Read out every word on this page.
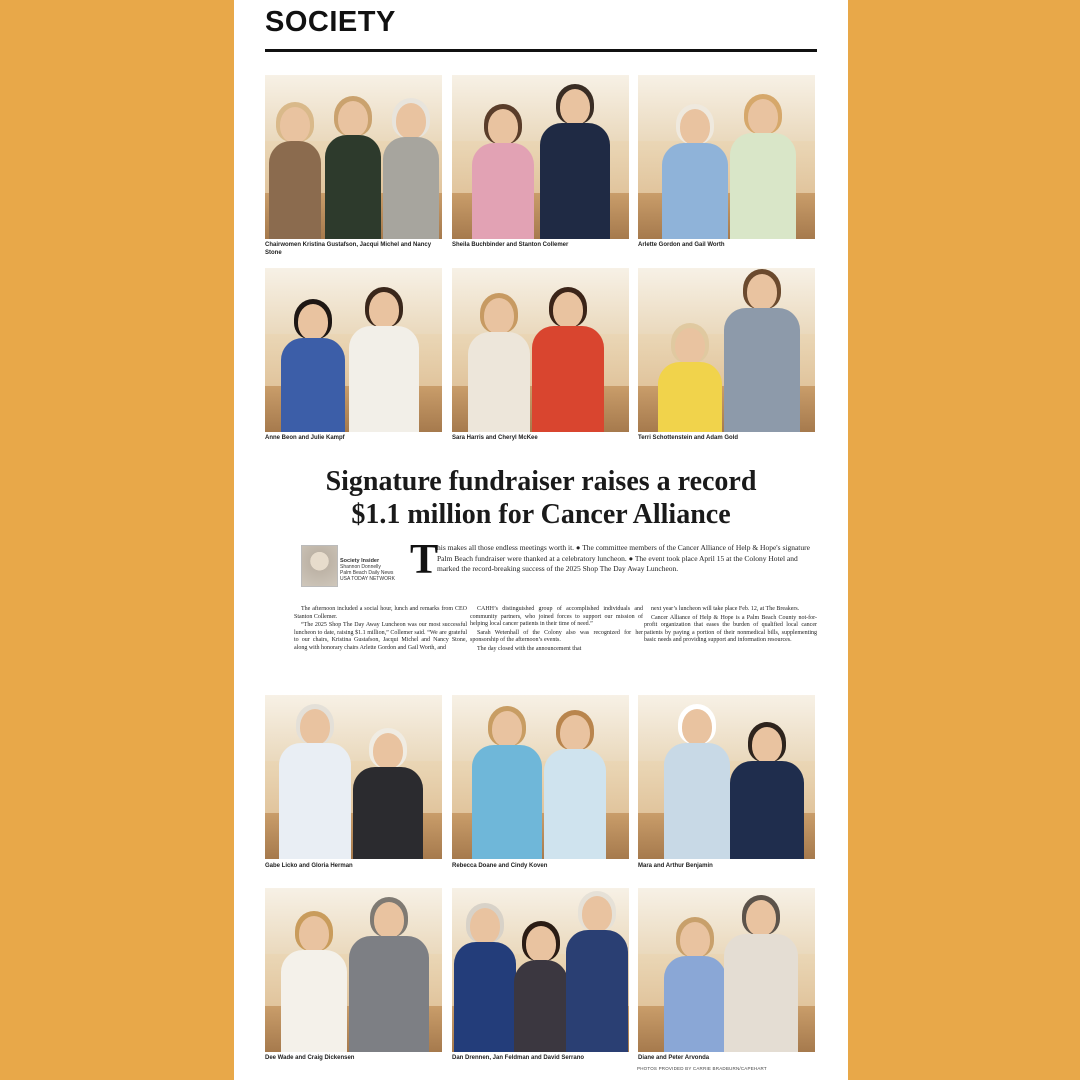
SOCIETY
Chairwomen Kristina Gustafson, Jacqui Michel and Nancy Stone
Sheila Buchbinder and Stanton Collemer	Arlette Gordon and Gail Worth
Anne Beon and Julie Kampf	Sara Harris and Cheryl McKee	Terri Schottenstein and Adam Gold
Signature fundraiser raises a record
$1.1 million for Cancer Alliance
Society Insider
Shannon Donnelly
Palm Beach Daily News
USA TODAY NETWORK T
his makes all those endless meetings worth it. ● The committee members of the Cancer Alliance of Help & Hope's signature Palm Beach fundraiser were thanked at a celebratory luncheon. ● The event took place April 15 at the Colony Hotel and marked the record-breaking success of the 2025 Shop The Day Away Luncheon.

The afternoon included a social hour, lunch and remarks from CEO Stanton Collemer.

“The 2025 Shop The Day Away Luncheon was our most successful luncheon to date, raising $1.1 million,” Collemer said. “We are grateful to our chairs, Kristina Gustafson, Jacqui Michel and Nancy Stone, along with honorary chairs Arlette Gordon and Gail Worth, and

CAHH’s distinguished group of accomplished individuals and community partners, who joined forces to support our mission of helping local cancer patients in their time of need.”

Sarah Wetenhall of the Colony also was recognized for her sponsorship of the afternoon’s events.

The day closed with the announcement that

next year’s luncheon will take place Feb. 12, at The Breakers.

Cancer Alliance of Help & Hope is a Palm Beach County not-for-profit organization that eases the burden of qualified local cancer patients by paying a portion of their nonmedical bills, supplementing basic needs and providing support and information resources.

Gabe Licko and Gloria Herman	Rebecca Doane and Cindy Koven	Mara and Arthur Benjamin
Dee Wade and Craig Dickensen	Dan Drennen, Jan Feldman and David Serrano	Diane and Peter Arvonda
PHOTOS PROVIDED BY CARRIE BRADBURN/CAPEHART
